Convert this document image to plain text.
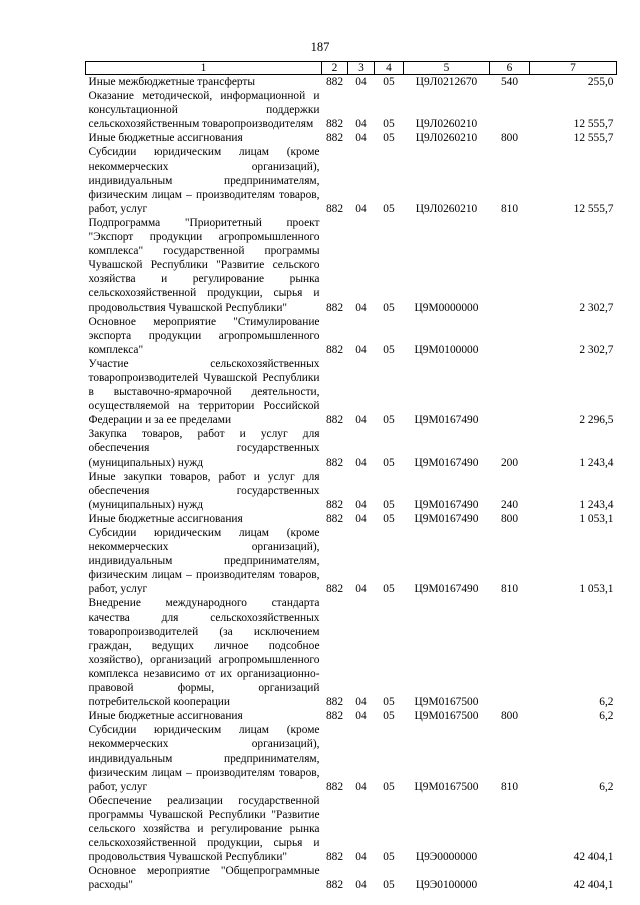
187
1	2	3	4	5	6	7
Иные межбюджетные трансферты	882	04	05	Ц9Л0212670	540	255,0
Оказание методической, информационной и консультационной поддержки сельскохозяйственным товаропроизводителям	882	04	05	Ц9Л0260210		12 555,7
Иные бюджетные ассигнования	882	04	05	Ц9Л0260210	800	12 555,7
Субсидии юридическим лицам (кроме некоммерческих организаций), индивидуальным предпринимателям, физическим лицам – производителям товаров, работ, услуг	882	04	05	Ц9Л0260210	810	12 555,7
Подпрограмма "Приоритетный проект "Экспорт продукции агропромышленного комплекса" государственной программы Чувашской Республики "Развитие сельского хозяйства и регулирование рынка сельскохозяйственной продукции, сырья и продовольствия Чувашской Республики"	882	04	05	Ц9М0000000		2 302,7
Основное мероприятие "Стимулирование экспорта продукции агропромышленного комплекса"	882	04	05	Ц9М0100000		2 302,7
Участие сельскохозяйственных товаропроизводителей Чувашской Республики в выставочно-ярмарочной деятельности, осуществляемой на территории Российской Федерации и за ее пределами	882	04	05	Ц9М0167490		2 296,5
Закупка товаров, работ и услуг для обеспечения государственных (муниципальных) нужд	882	04	05	Ц9М0167490	200	1 243,4
Иные закупки товаров, работ и услуг для обеспечения государственных (муниципальных) нужд	882	04	05	Ц9М0167490	240	1 243,4
Иные бюджетные ассигнования	882	04	05	Ц9М0167490	800	1 053,1
Субсидии юридическим лицам (кроме некоммерческих организаций), индивидуальным предпринимателям, физическим лицам – производителям товаров, работ, услуг	882	04	05	Ц9М0167490	810	1 053,1
Внедрение международного стандарта качества для сельскохозяйственных товаропроизводителей (за исключением граждан, ведущих личное подсобное хозяйство), организаций агропромышленного комплекса независимо от их организационно-правовой формы, организаций потребительской кооперации	882	04	05	Ц9М0167500		6,2
Иные бюджетные ассигнования	882	04	05	Ц9М0167500	800	6,2
Субсидии юридическим лицам (кроме некоммерческих организаций), индивидуальным предпринимателям, физическим лицам – производителям товаров, работ, услуг	882	04	05	Ц9М0167500	810	6,2
Обеспечение реализации государственной программы Чувашской Республики "Развитие сельского хозяйства и регулирование рынка сельскохозяйственной продукции, сырья и продовольствия Чувашской Республики"	882	04	05	Ц9Э0000000		42 404,1
Основное мероприятие "Общепрограммные расходы"	882	04	05	Ц9Э0100000		42 404,1
